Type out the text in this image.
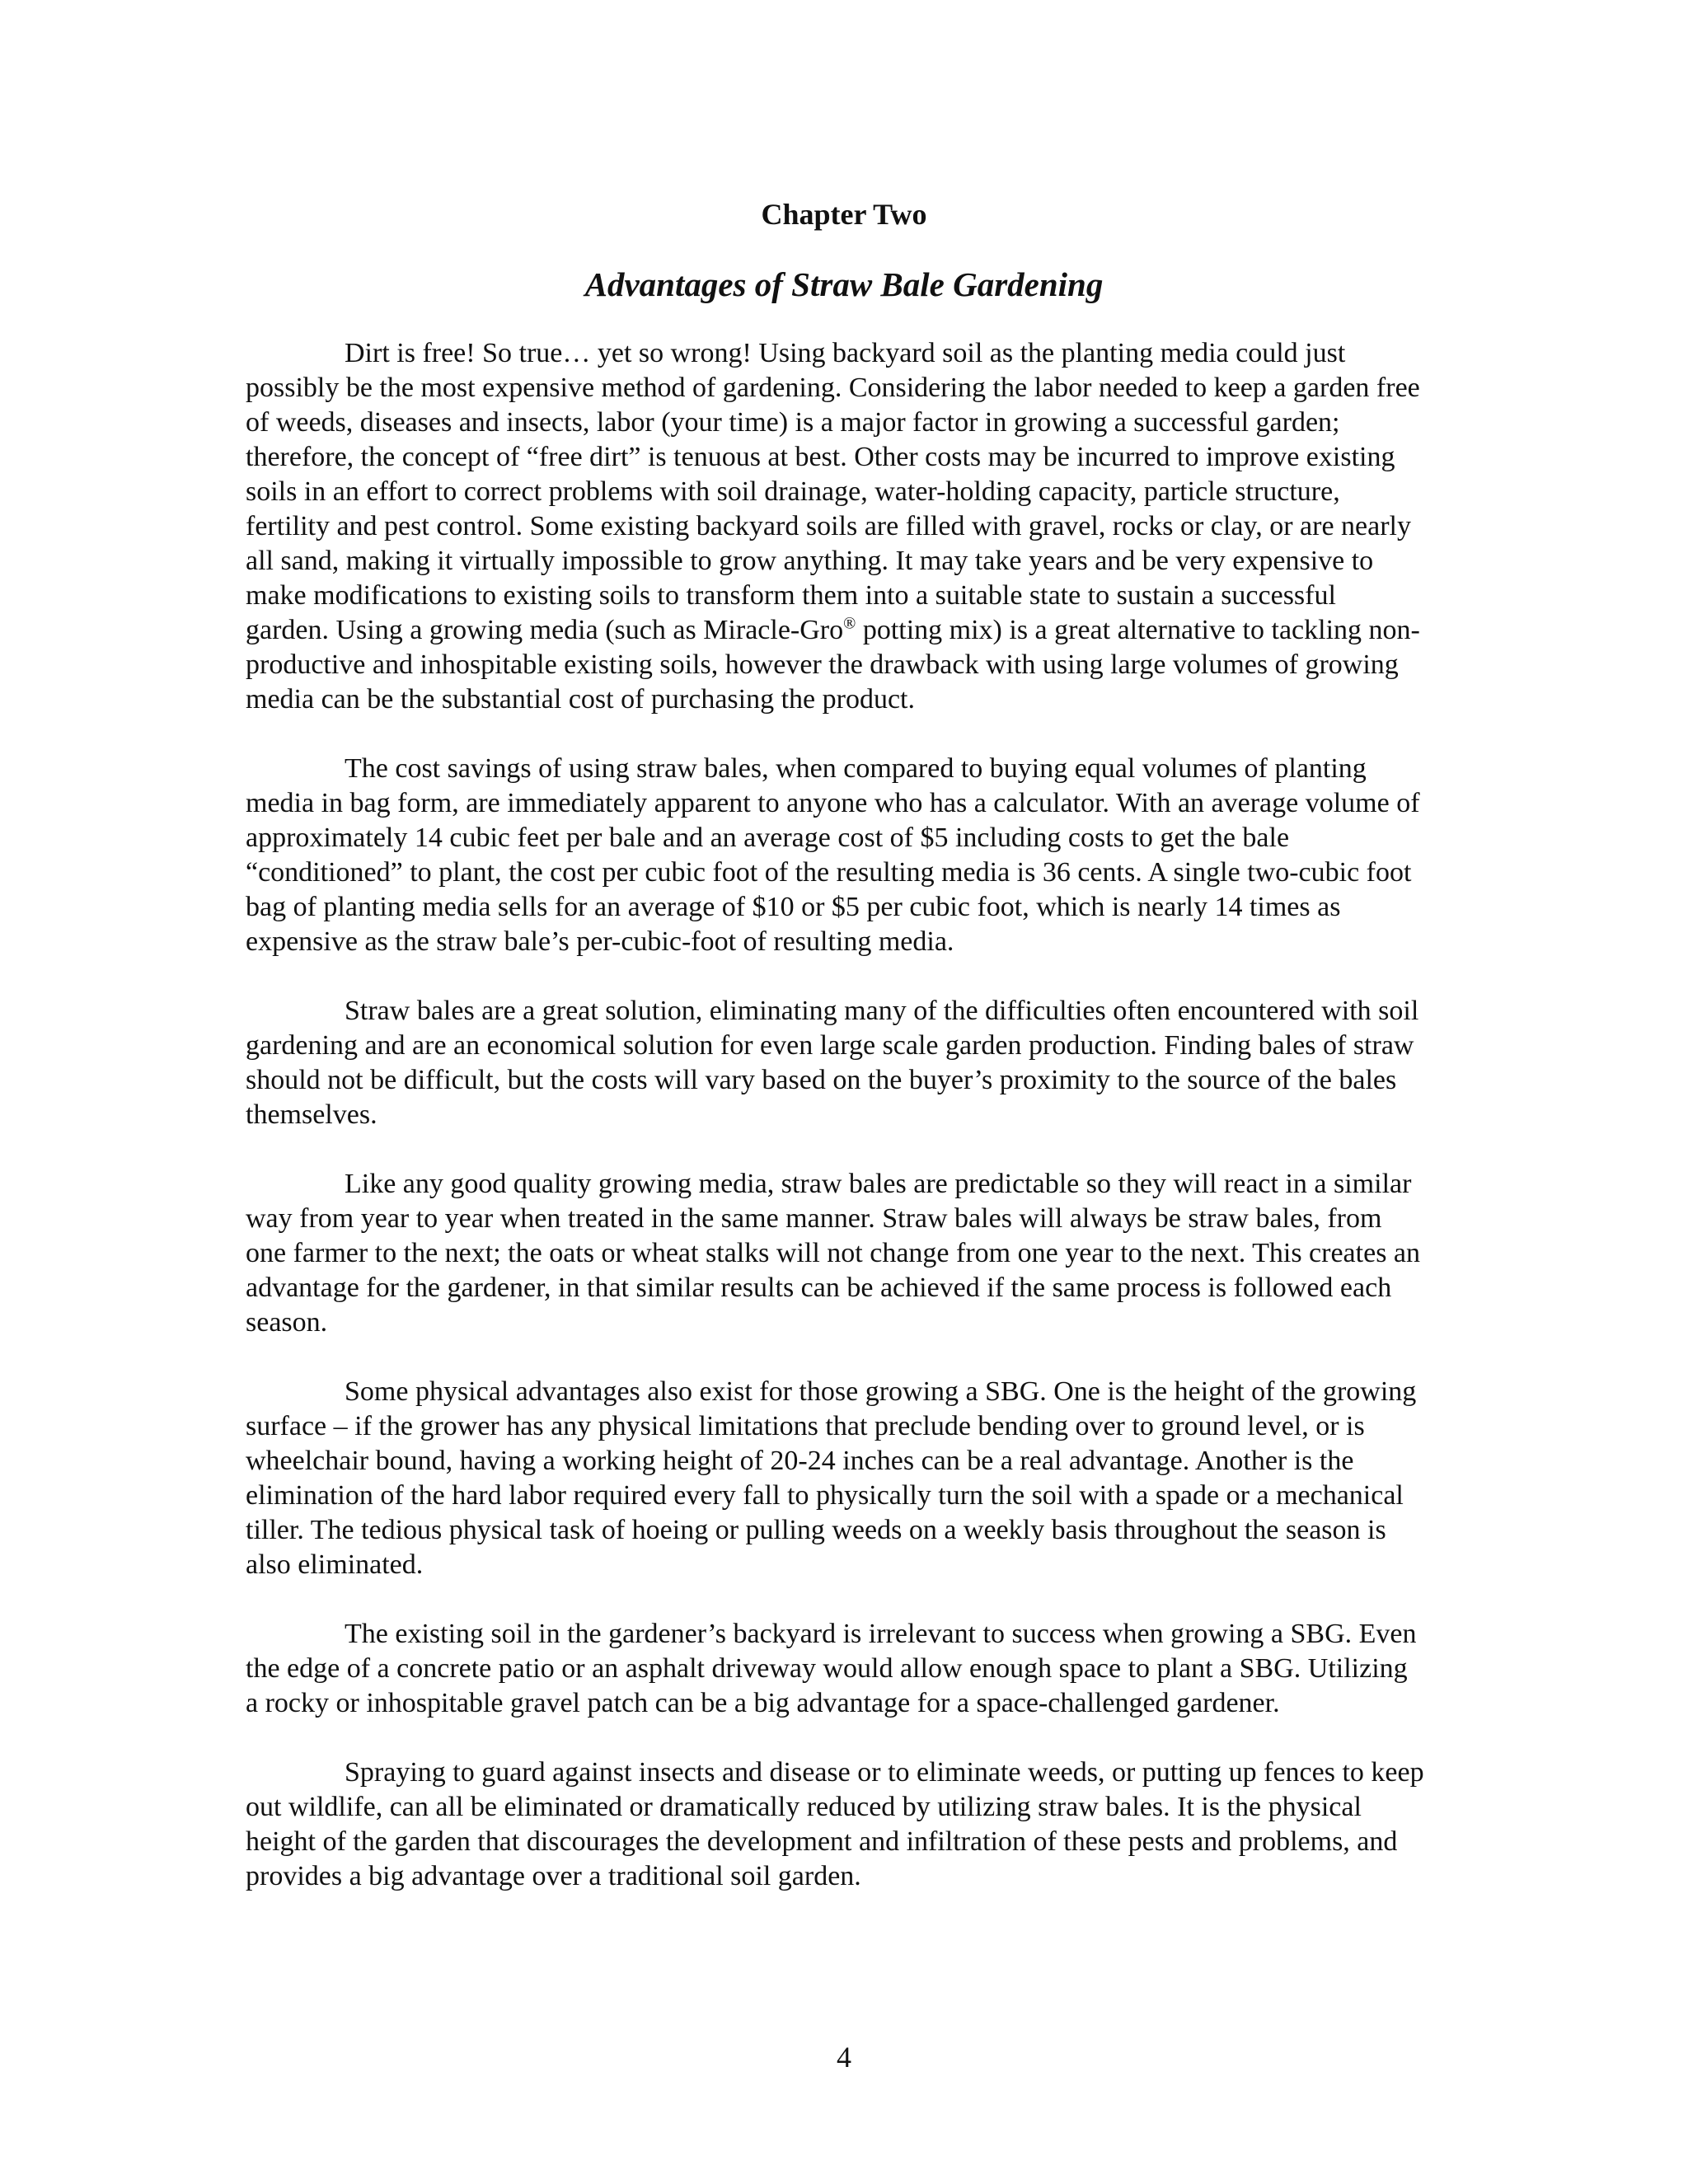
Chapter Two
Advantages of Straw Bale Gardening

Dirt is free! So true… yet so wrong! Using backyard soil as the planting media could just possibly be the most expensive method of gardening. Considering the labor needed to keep a garden free of weeds, diseases and insects, labor (your time) is a major factor in growing a successful garden; therefore, the concept of “free dirt” is tenuous at best. Other costs may be incurred to improve existing soils in an effort to correct problems with soil drainage, water-holding capacity, particle structure, fertility and pest control. Some existing backyard soils are filled with gravel, rocks or clay, or are nearly all sand, making it virtually impossible to grow anything. It may take years and be very expensive to make modifications to existing soils to transform them into a suitable state to sustain a successful garden. Using a growing media (such as Miracle-Gro® potting mix) is a great alternative to tackling non-productive and inhospitable existing soils, however the drawback with using large volumes of growing media can be the substantial cost of purchasing the product.

The cost savings of using straw bales, when compared to buying equal volumes of planting media in bag form, are immediately apparent to anyone who has a calculator. With an average volume of approximately 14 cubic feet per bale and an average cost of $5 including costs to get the bale “conditioned” to plant, the cost per cubic foot of the resulting media is 36 cents. A single two-cubic foot bag of planting media sells for an average of $10 or $5 per cubic foot, which is nearly 14 times as expensive as the straw bale’s per-cubic-foot of resulting media.

Straw bales are a great solution, eliminating many of the difficulties often encountered with soil gardening and are an economical solution for even large scale garden production. Finding bales of straw should not be difficult, but the costs will vary based on the buyer’s proximity to the source of the bales themselves.

Like any good quality growing media, straw bales are predictable so they will react in a similar way from year to year when treated in the same manner. Straw bales will always be straw bales, from one farmer to the next; the oats or wheat stalks will not change from one year to the next. This creates an advantage for the gardener, in that similar results can be achieved if the same process is followed each season.

Some physical advantages also exist for those growing a SBG. One is the height of the growing surface – if the grower has any physical limitations that preclude bending over to ground level, or is wheelchair bound, having a working height of 20-24 inches can be a real advantage. Another is the elimination of the hard labor required every fall to physically turn the soil with a spade or a mechanical tiller. The tedious physical task of hoeing or pulling weeds on a weekly basis throughout the season is also eliminated.

The existing soil in the gardener’s backyard is irrelevant to success when growing a SBG. Even the edge of a concrete patio or an asphalt driveway would allow enough space to plant a SBG. Utilizing a rocky or inhospitable gravel patch can be a big advantage for a space-challenged gardener.

Spraying to guard against insects and disease or to eliminate weeds, or putting up fences to keep out wildlife, can all be eliminated or dramatically reduced by utilizing straw bales. It is the physical height of the garden that discourages the development and infiltration of these pests and problems, and provides a big advantage over a traditional soil garden.

4
